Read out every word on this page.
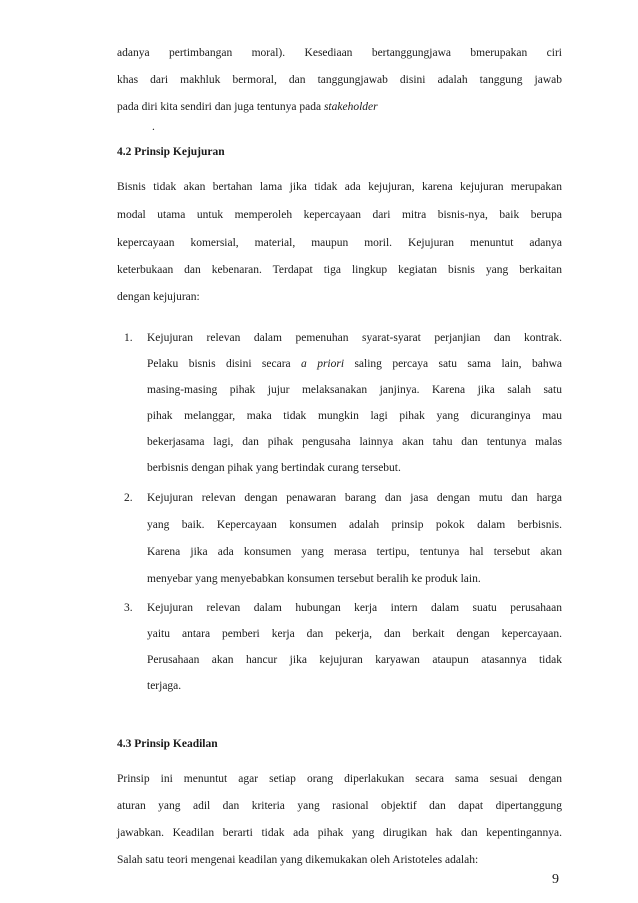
adanya pertimbangan moral). Kesediaan bertanggungjawa bmerupakan ciri
khas dari makhluk bermoral, dan tanggungjawab disini adalah tanggung jawab
pada diri kita sendiri dan juga tentunya pada stakeholder
.
4.2 Prinsip Kejujuran
Bisnis tidak akan bertahan lama jika tidak ada kejujuran, karena kejujuran merupakan
modal utama untuk memperoleh kepercayaan dari mitra bisnis-nya, baik berupa
kepercayaan komersial, material, maupun moril. Kejujuran menuntut adanya
keterbukaan dan kebenaran. Terdapat tiga lingkup kegiatan bisnis yang berkaitan
dengan kejujuran:
1. Kejujuran relevan dalam pemenuhan syarat-syarat perjanjian dan kontrak.
Pelaku bisnis disini secara a priori saling percaya satu sama lain, bahwa
masing-masing pihak jujur melaksanakan janjinya. Karena jika salah satu
pihak melanggar, maka tidak mungkin lagi pihak yang dicuranginya mau
bekerjasama lagi, dan pihak pengusaha lainnya akan tahu dan tentunya malas
berbisnis dengan pihak yang bertindak curang tersebut.
2. Kejujuran relevan dengan penawaran barang dan jasa dengan mutu dan harga
yang baik. Kepercayaan konsumen adalah prinsip pokok dalam berbisnis.
Karena jika ada konsumen yang merasa tertipu, tentunya hal tersebut akan
menyebar yang menyebabkan konsumen tersebut beralih ke produk lain.
3. Kejujuran relevan dalam hubungan kerja intern dalam suatu perusahaan
yaitu antara pemberi kerja dan pekerja, dan berkait dengan kepercayaan.
Perusahaan akan hancur jika kejujuran karyawan ataupun atasannya tidak
terjaga.
4.3 Prinsip Keadilan
Prinsip ini menuntut agar setiap orang diperlakukan secara sama sesuai dengan
aturan yang adil dan kriteria yang rasional objektif dan dapat dipertanggung
jawabkan. Keadilan berarti tidak ada pihak yang dirugikan hak dan kepentingannya.
Salah satu teori mengenai keadilan yang dikemukakan oleh Aristoteles adalah:
9
